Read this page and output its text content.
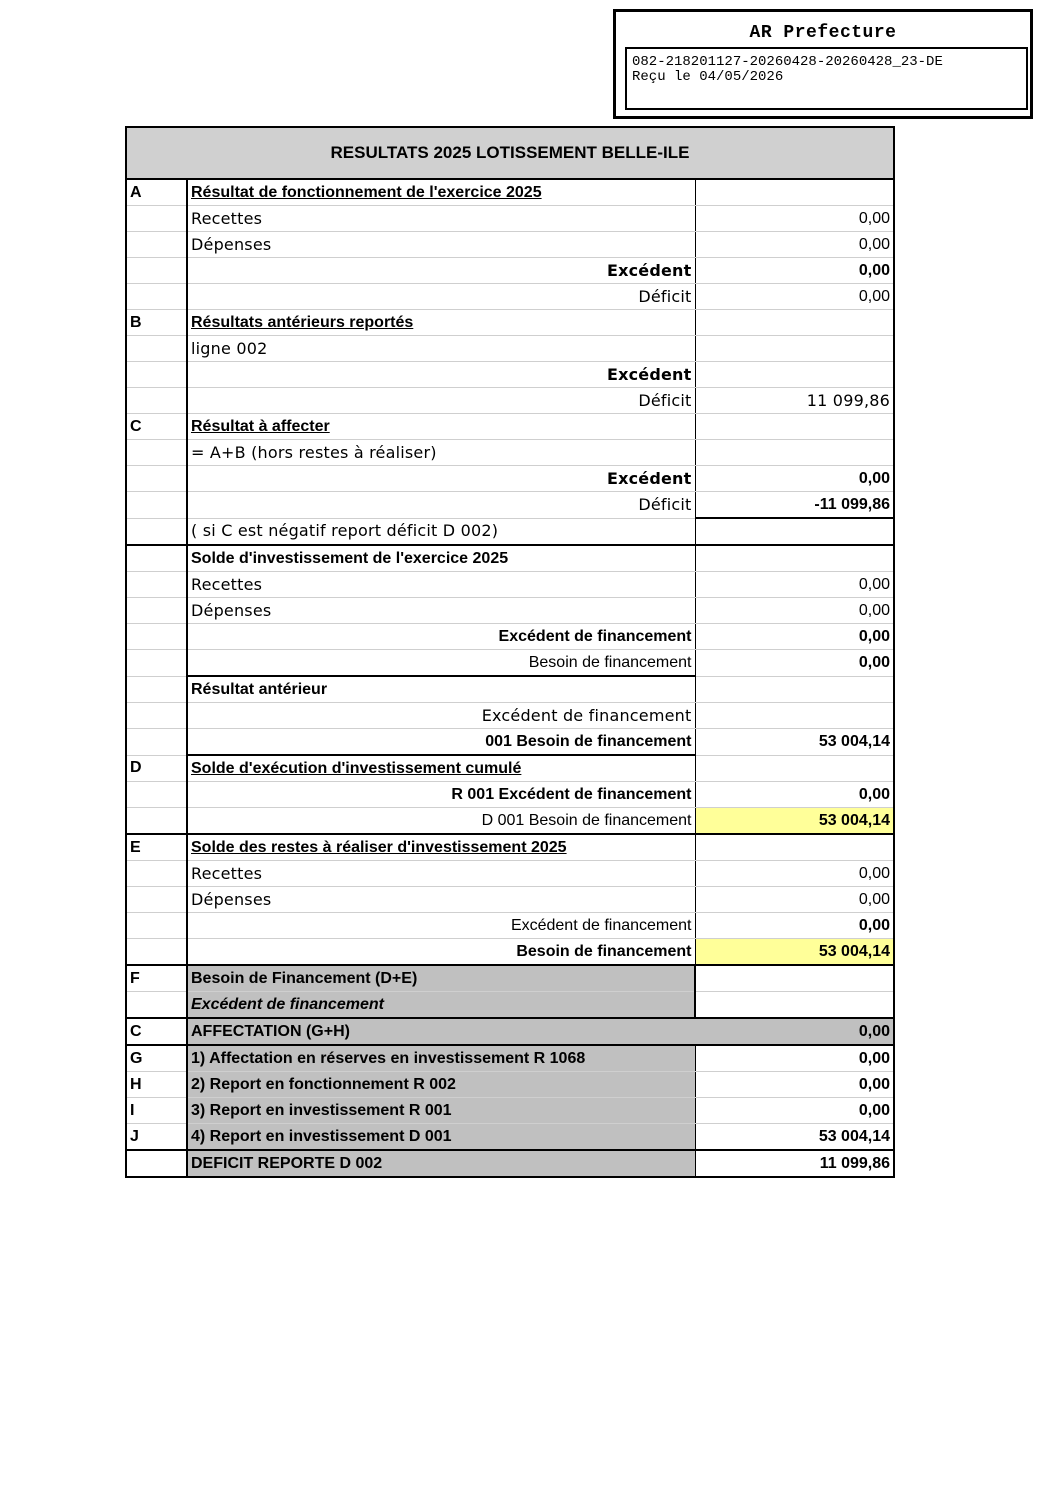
AR Prefecture
082-218201127-20260428-20260428_23-DE
Reçu le 04/05/2026
RESULTATS 2025 LOTISSEMENT BELLE-ILE		
A	Résultat de fonctionnement de l'exercice 2025	
	Recettes	0,00
	Dépenses	0,00
	Excédent	0,00
	Déficit	0,00
B	Résultats antérieurs reportés	
	ligne 002	
	Excédent	
	Déficit	11 099,86
C	Résultat à affecter	
	= A+B (hors restes à réaliser)	
	Excédent	0,00
	Déficit	-11 099,86
	( si C est négatif report déficit D 002)	
	Solde d'investissement de l'exercice 2025	
	Recettes	0,00
	Dépenses	0,00
	Excédent de financement	0,00
	Besoin de financement	0,00
	Résultat antérieur	
	Excédent de financement	
	001 Besoin de financement	53 004,14
D	Solde d'exécution d'investissement cumulé	
	R 001 Excédent de financement	0,00
	D 001 Besoin de financement	53 004,14
E	Solde des restes à réaliser d'investissement 2025	
	Recettes	0,00
	Dépenses	0,00
	Excédent de financement	0,00
	Besoin de financement	53 004,14
F	Besoin de Financement (D+E)	
	Excédent de financement	
C	AFFECTATION (G+H)	0,00
G	1) Affectation en réserves en investissement R 1068	0,00
H	2) Report en fonctionnement R 002	0,00
I	3) Report en investissement R 001	0,00
J	4) Report en investissement D 001	53 004,14
	DEFICIT REPORTE D 002	11 099,86
